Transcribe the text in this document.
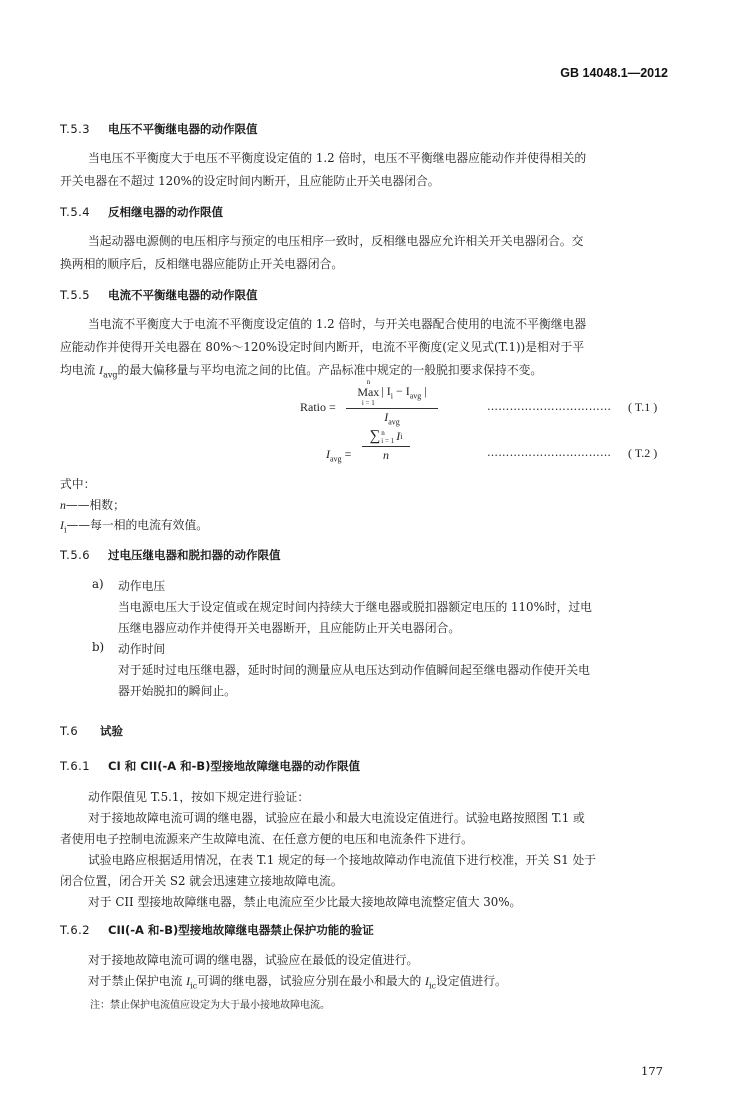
GB 14048.1—2012
T.5.3 电压不平衡继电器的动作限值
当电压不平衡度大于电压不平衡度设定值的 1.2 倍时，电压不平衡继电器应能动作并使得相关的
开关电器在不超过 120%的设定时间内断开，且应能防止开关电器闭合。
T.5.4 反相继电器的动作限值
当起动器电源侧的电压相序与预定的电压相序一致时，反相继电器应允许相关开关电器闭合。交
换两相的顺序后，反相继电器应能防止开关电器闭合。
T.5.5 电流不平衡继电器的动作限值
当电流不平衡度大于电流不平衡度设定值的 1.2 倍时，与开关电器配合使用的电流不平衡继电器
应能动作并使得开关电器在 80%～120%设定时间内断开，电流不平衡度(定义见式(T.1))是相对于平
均电流 $I_{avg}$的最大偏移量与平均电流之间的比值。产品标准中规定的一般脱扣要求保持不变。
Ratio =
n
Max
i = 1
| $I_i - I_{avg}$ |
$I_{avg}$
…………………………… ( T.1 )
$I_{avg}$ =
∑ n
i = 1 I i
n	…………………………… ( T.2 )
式中：
n——相数；
$I_i——$每一相的电流有效值。
T.5.6 过电压继电器和脱扣器的动作限值
a) 动作电压
当电源电压大于设定值或在规定时间内持续大于继电器或脱扣器额定电压的 110%时，过电
压继电器应动作并使得开关电器断开，且应能防止开关电器闭合。
b) 动作时间
对于延时过电压继电器，延时时间的测量应从电压达到动作值瞬间起至继电器动作使开关电
器开始脱扣的瞬间止。
T.6 试验
T.6.1 CI 和 CII(-A 和-B)型接地故障继电器的动作限值
动作限值见 T.5.1，按如下规定进行验证：
对于接地故障电流可调的继电器，试验应在最小和最大电流设定值进行。试验电路按照图 T.1 或
者使用电子控制电流源来产生故障电流、在任意方便的电压和电流条件下进行。
试验电路应根据适用情况，在表 T.1 规定的每一个接地故障动作电流值下进行校准，开关 S1 处于
闭合位置，闭合开关 S2 就会迅速建立接地故障电流。
对于 CII 型接地故障继电器，禁止电流应至少比最大接地故障电流整定值大 30%。
T.6.2 CII(-A 和-B)型接地故障继电器禁止保护功能的验证
对于接地故障电流可调的继电器，试验应在最低的设定值进行。
对于禁止保护电流 $I_{ic}$可调的继电器，试验应分别在最小和最大的 $I_{ic}$设定值进行。
注：禁止保护电流值应设定为大于最小接地故障电流。
177
